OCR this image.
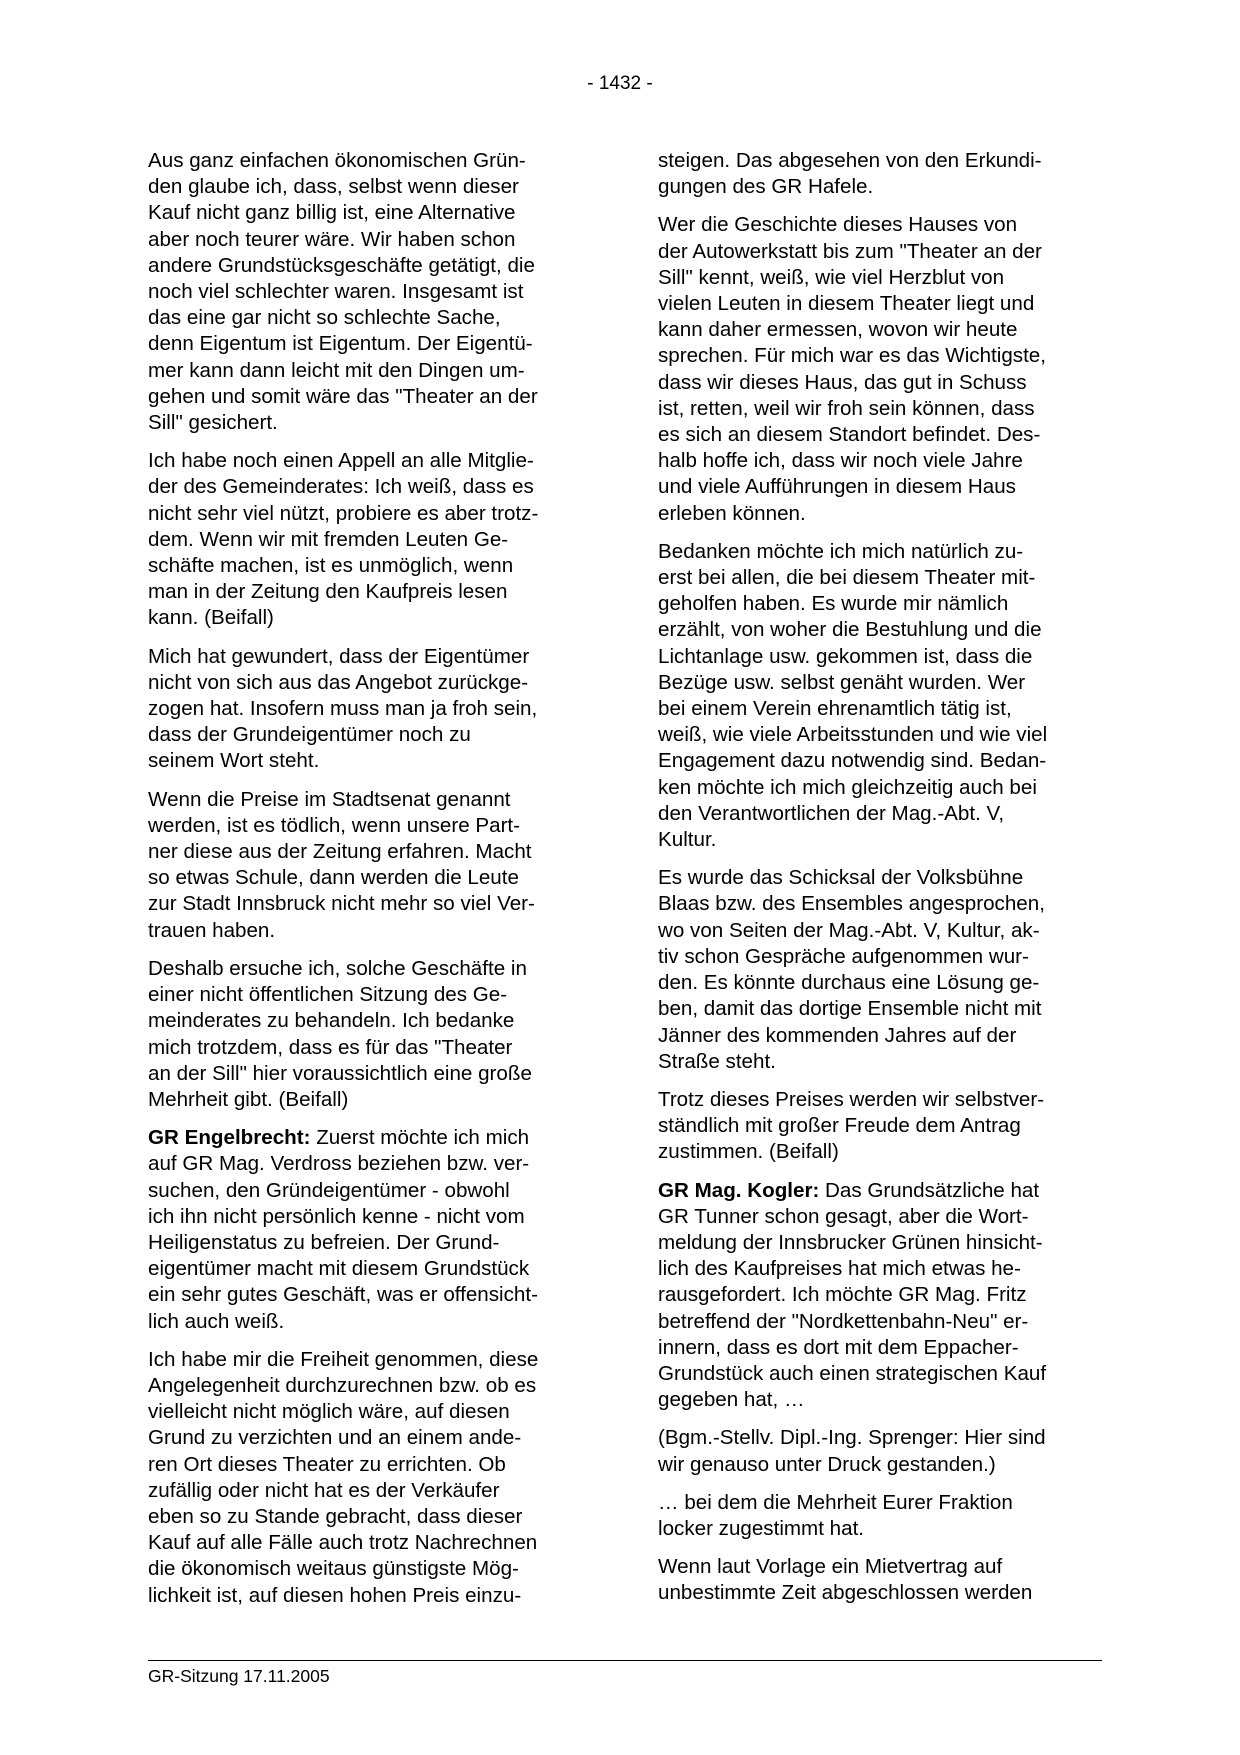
- 1432 -

Aus ganz einfachen ökonomischen Grün-
den glaube ich, dass, selbst wenn dieser
Kauf nicht ganz billig ist, eine Alternative
aber noch teurer wäre. Wir haben schon
andere Grundstücksgeschäfte getätigt, die
noch viel schlechter waren. Insgesamt ist
das eine gar nicht so schlechte Sache,
denn Eigentum ist Eigentum. Der Eigentü-
mer kann dann leicht mit den Dingen um-
gehen und somit wäre das "Theater an der
Sill" gesichert.

Ich habe noch einen Appell an alle Mitglie-
der des Gemeinderates: Ich weiß, dass es
nicht sehr viel nützt, probiere es aber trotz-
dem. Wenn wir mit fremden Leuten Ge-
schäfte machen, ist es unmöglich, wenn
man in der Zeitung den Kaufpreis lesen
kann. (Beifall)

Mich hat gewundert, dass der Eigentümer
nicht von sich aus das Angebot zurückge-
zogen hat. Insofern muss man ja froh sein,
dass der Grundeigentümer noch zu
seinem Wort steht.

Wenn die Preise im Stadtsenat genannt
werden, ist es tödlich, wenn unsere Part-
ner diese aus der Zeitung erfahren. Macht
so etwas Schule, dann werden die Leute
zur Stadt Innsbruck nicht mehr so viel Ver-
trauen haben.

Deshalb ersuche ich, solche Geschäfte in
einer nicht öffentlichen Sitzung des Ge-
meinderates zu behandeln. Ich bedanke
mich trotzdem, dass es für das "Theater
an der Sill" hier voraussichtlich eine große
Mehrheit gibt. (Beifall)

GR Engelbrecht: Zuerst möchte ich mich
auf GR Mag. Verdross beziehen bzw. ver-
suchen, den Gründeigentümer - obwohl
ich ihn nicht persönlich kenne - nicht vom
Heiligenstatus zu befreien. Der Grund-
eigentümer macht mit diesem Grundstück
ein sehr gutes Geschäft, was er offensicht-
lich auch weiß.

Ich habe mir die Freiheit genommen, diese
Angelegenheit durchzurechnen bzw. ob es
vielleicht nicht möglich wäre, auf diesen
Grund zu verzichten und an einem ande-
ren Ort dieses Theater zu errichten. Ob
zufällig oder nicht hat es der Verkäufer
eben so zu Stande gebracht, dass dieser
Kauf auf alle Fälle auch trotz Nachrechnen
die ökonomisch weitaus günstigste Mög-
lichkeit ist, auf diesen hohen Preis einzu-

steigen. Das abgesehen von den Erkundi-
gungen des GR Hafele.

Wer die Geschichte dieses Hauses von
der Autowerkstatt bis zum "Theater an der
Sill" kennt, weiß, wie viel Herzblut von
vielen Leuten in diesem Theater liegt und
kann daher ermessen, wovon wir heute
sprechen. Für mich war es das Wichtigste,
dass wir dieses Haus, das gut in Schuss
ist, retten, weil wir froh sein können, dass
es sich an diesem Standort befindet. Des-
halb hoffe ich, dass wir noch viele Jahre
und viele Aufführungen in diesem Haus
erleben können.

Bedanken möchte ich mich natürlich zu-
erst bei allen, die bei diesem Theater mit-
geholfen haben. Es wurde mir nämlich
erzählt, von woher die Bestuhlung und die
Lichtanlage usw. gekommen ist, dass die
Bezüge usw. selbst genäht wurden. Wer
bei einem Verein ehrenamtlich tätig ist,
weiß, wie viele Arbeitsstunden und wie viel
Engagement dazu notwendig sind. Bedan-
ken möchte ich mich gleichzeitig auch bei
den Verantwortlichen der Mag.-Abt. V,
Kultur.

Es wurde das Schicksal der Volksbühne
Blaas bzw. des Ensembles angesprochen,
wo von Seiten der Mag.-Abt. V, Kultur, ak-
tiv schon Gespräche aufgenommen wur-
den. Es könnte durchaus eine Lösung ge-
ben, damit das dortige Ensemble nicht mit
Jänner des kommenden Jahres auf der
Straße steht.

Trotz dieses Preises werden wir selbstver-
ständlich mit großer Freude dem Antrag
zustimmen. (Beifall)

GR Mag. Kogler: Das Grundsätzliche hat
GR Tunner schon gesagt, aber die Wort-
meldung der Innsbrucker Grünen hinsicht-
lich des Kaufpreises hat mich etwas he-
rausgefordert. Ich möchte GR Mag. Fritz
betreffend der "Nordkettenbahn-Neu" er-
innern, dass es dort mit dem Eppacher-
Grundstück auch einen strategischen Kauf
gegeben hat, …

(Bgm.-Stellv. Dipl.-Ing. Sprenger: Hier sind
wir genauso unter Druck gestanden.)

… bei dem die Mehrheit Eurer Fraktion
locker zugestimmt hat.

Wenn laut Vorlage ein Mietvertrag auf
unbestimmte Zeit abgeschlossen werden

GR-Sitzung 17.11.2005
